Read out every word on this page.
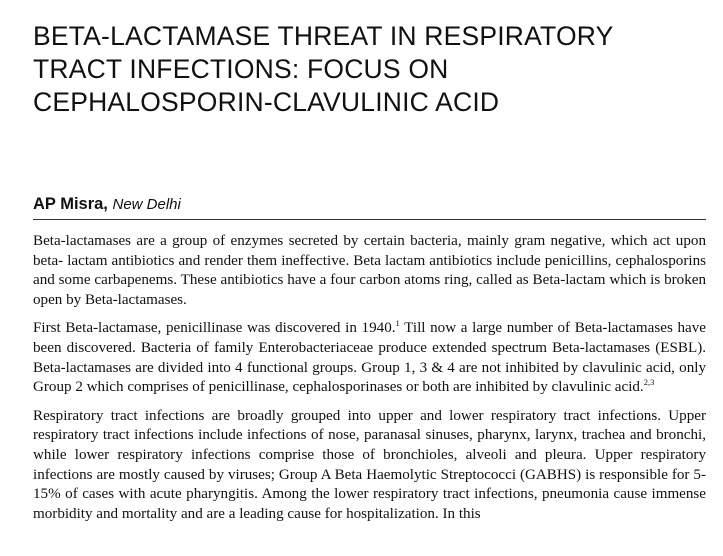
BETA-LACTAMASE THREAT IN RESPIRATORY
TRACT INFECTIONS: FOCUS ON
CEPHALOSPORIN-CLAVULINIC ACID
AP Misra, New Delhi

Beta-lactamases are a group of enzymes secreted by certain bacteria, mainly gram negative, which act upon beta- lactam antibiotics and render them ineffective. Beta lactam antibiotics include penicillins, cephalosporins and some carbapenems. These antibiotics have a four carbon atoms ring, called as Beta-lactam which is broken open by Beta-lactamases.

First Beta-lactamase, penicillinase was discovered in 1940.$^1$ Till now a large number of Beta-lactamases have been discovered. Bacteria of family Enterobacteriaceae produce extended spectrum Beta-lactamases (ESBL). Beta-lactamases are divided into 4 functional groups. Group 1, 3 & 4 are not inhibited by clavulinic acid, only Group 2 which comprises of penicillinase, cephalosporinases or both are inhibited by clavulinic acid.$^{2,3}$

Respiratory tract infections are broadly grouped into upper and lower respiratory tract infections. Upper respiratory tract infections include infections of nose, paranasal sinuses, pharynx, larynx, trachea and bronchi, while lower respiratory infections comprise those of bronchioles, alveoli and pleura. Upper respiratory infections are mostly caused by viruses; Group A Beta Haemolytic Streptococci (GABHS) is responsible for 5-15% of cases with acute pharyngitis. Among the lower respiratory tract infections, pneumonia cause immense morbidity and mortality and are a leading cause for hospitalization. In this
